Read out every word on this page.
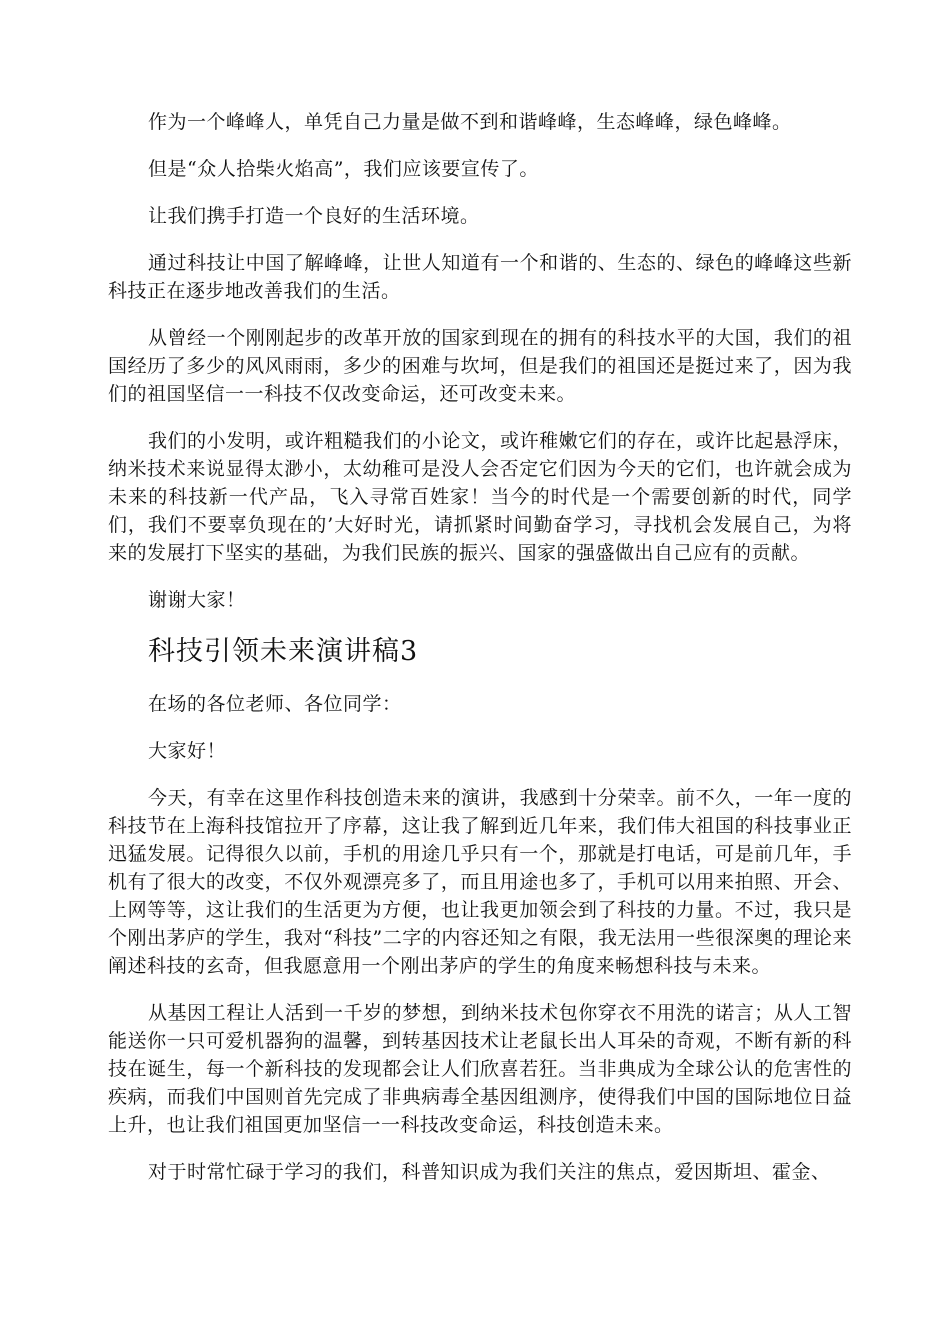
作为一个峰峰人，单凭自己力量是做不到和谐峰峰，生态峰峰，绿色峰峰。

但是“众人拾柴火焰高”，我们应该要宣传了。

让我们携手打造一个良好的生活环境。

通过科技让中国了解峰峰，让世人知道有一个和谐的、生态的、绿色的峰峰这些新科技正在逐步地改善我们的生活。

从曾经一个刚刚起步的改革开放的国家到现在的拥有的科技水平的大国，我们的祖国经历了多少的风风雨雨，多少的困难与坎坷，但是我们的祖国还是挺过来了，因为我们的祖国坚信一一科技不仅改变命运，还可改变未来。

我们的小发明，或许粗糙我们的小论文，或许稚嫩它们的存在，或许比起悬浮床，纳米技术来说显得太渺小，太幼稚可是没人会否定它们因为今天的它们，也许就会成为未来的科技新一代产品，飞入寻常百姓家！当今的时代是一个需要创新的时代，同学们，我们不要辜负现在的’大好时光，请抓紧时间勤奋学习，寻找机会发展自己，为将来的发展打下坚实的基础，为我们民族的振兴、国家的强盛做出自己应有的贡献。

谢谢大家！

科技引领未来演讲稿3

在场的各位老师、各位同学：

大家好！

今天，有幸在这里作科技创造未来的演讲，我感到十分荣幸。前不久，一年一度的科技节在上海科技馆拉开了序幕，这让我了解到近几年来，我们伟大祖国的科技事业正迅猛发展。记得很久以前，手机的用途几乎只有一个，那就是打电话，可是前几年，手机有了很大的改变，不仅外观漂亮多了，而且用途也多了，手机可以用来拍照、开会、上网等等，这让我们的生活更为方便，也让我更加领会到了科技的力量。不过，我只是个刚出茅庐的学生，我对“科技”二字的内容还知之有限，我无法用一些很深奥的理论来阐述科技的玄奇，但我愿意用一个刚出茅庐的学生的角度来畅想科技与未来。

从基因工程让人活到一千岁的梦想，到纳米技术包你穿衣不用洗的诺言；从人工智能送你一只可爱机器狗的温馨，到转基因技术让老鼠长出人耳朵的奇观，不断有新的科技在诞生，每一个新科技的发现都会让人们欣喜若狂。当非典成为全球公认的危害性的疾病，而我们中国则首先完成了非典病毒全基因组测序，使得我们中国的国际地位日益上升，也让我们祖国更加坚信一一科技改变命运，科技创造未来。

对于时常忙碌于学习的我们，科普知识成为我们关注的焦点，爱因斯坦、霍金、
